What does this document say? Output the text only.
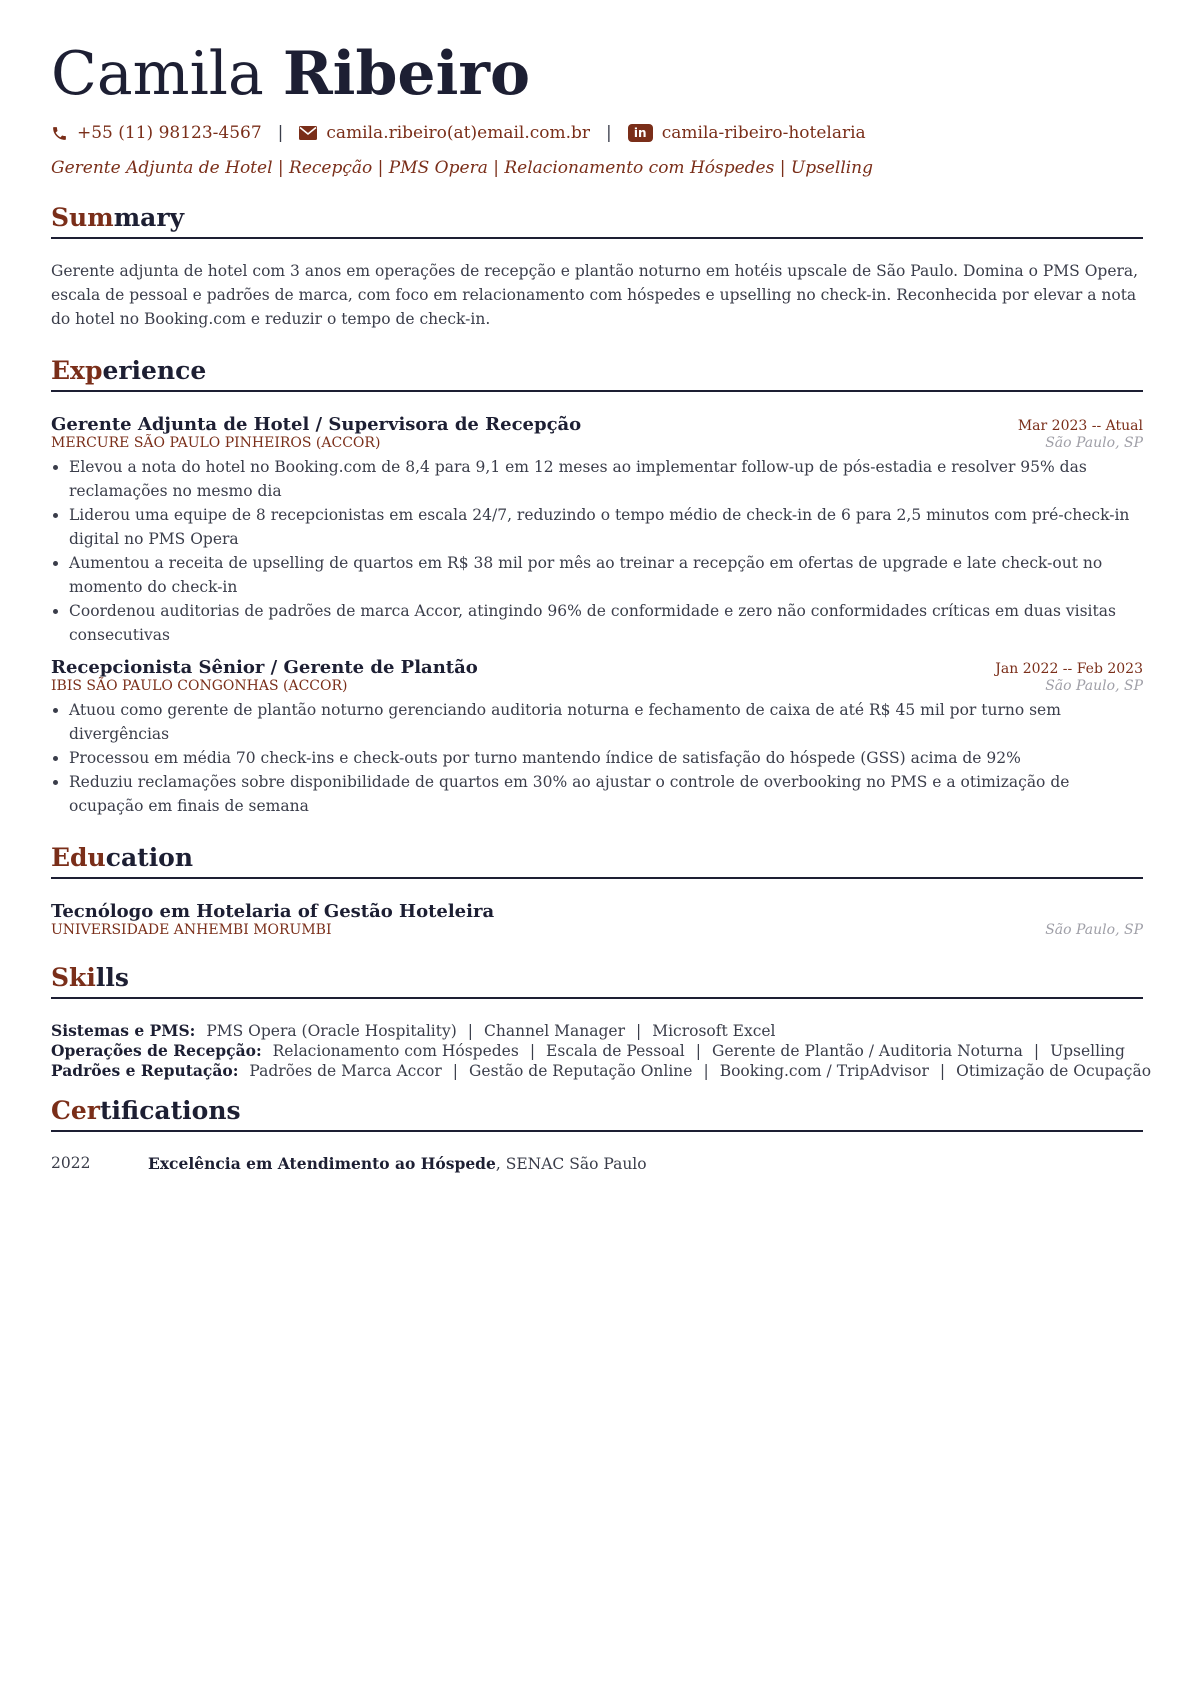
Camila Ribeiro
+55 (11) 98123-4567 |	camila.ribeiro(at)email.com.br |	in camila-ribeiro-hotelaria
Gerente Adjunta de Hotel | Recepção | PMS Opera | Relacionamento com Hóspedes | Upselling
Summary
Gerente adjunta de hotel com 3 anos em operações de recepção e plantão noturno em hotéis upscale de São Paulo. Domina o PMS Opera, escala de pessoal e padrões de marca, com foco em relacionamento com hóspedes e upselling no check-in. Reconhecida por elevar a nota do hotel no Booking.com e reduzir o tempo de check-in.
Experience
Gerente Adjunta de Hotel / Supervisora de Recepção	Mar 2023 -- Atual
MERCURE SÃO PAULO PINHEIROS (ACCOR)	São Paulo, SP
• Elevou a nota do hotel no Booking.com de 8,4 para 9,1 em 12 meses ao implementar follow-up de pós-estadia e resolver 95% das reclamações no mesmo dia
• Liderou uma equipe de 8 recepcionistas em escala 24/7, reduzindo o tempo médio de check-in de 6 para 2,5 minutos com pré-check-in digital no PMS Opera
• Aumentou a receita de upselling de quartos em R$ 38 mil por mês ao treinar a recepção em ofertas de upgrade e late check-out no momento do check-in
• Coordenou auditorias de padrões de marca Accor, atingindo 96% de conformidade e zero não conformidades críticas em duas visitas consecutivas
Recepcionista Sênior / Gerente de Plantão	Jan 2022 -- Feb 2023
IBIS SÃO PAULO CONGONHAS (ACCOR)	São Paulo, SP
• Atuou como gerente de plantão noturno gerenciando auditoria noturna e fechamento de caixa de até R$ 45 mil por turno sem divergências
• Processou em média 70 check-ins e check-outs por turno mantendo índice de satisfação do hóspede (GSS) acima de 92%
• Reduziu reclamações sobre disponibilidade de quartos em 30% ao ajustar o controle de overbooking no PMS e a otimização de ocupação em finais de semana
Education
Tecnólogo em Hotelaria of Gestão Hoteleira
UNIVERSIDADE ANHEMBI MORUMBI	São Paulo, SP
Skills
Sistemas e PMS: PMS Opera (Oracle Hospitality) | Channel Manager | Microsoft Excel
Operações de Recepção: Relacionamento com Hóspedes | Escala de Pessoal | Gerente de Plantão / Auditoria Noturna | Upselling
Padrões e Reputação: Padrões de Marca Accor | Gestão de Reputação Online | Booking.com / TripAdvisor | Otimização de Ocupação
Certifications
2022	Excelência em Atendimento ao Hóspede, SENAC São Paulo
